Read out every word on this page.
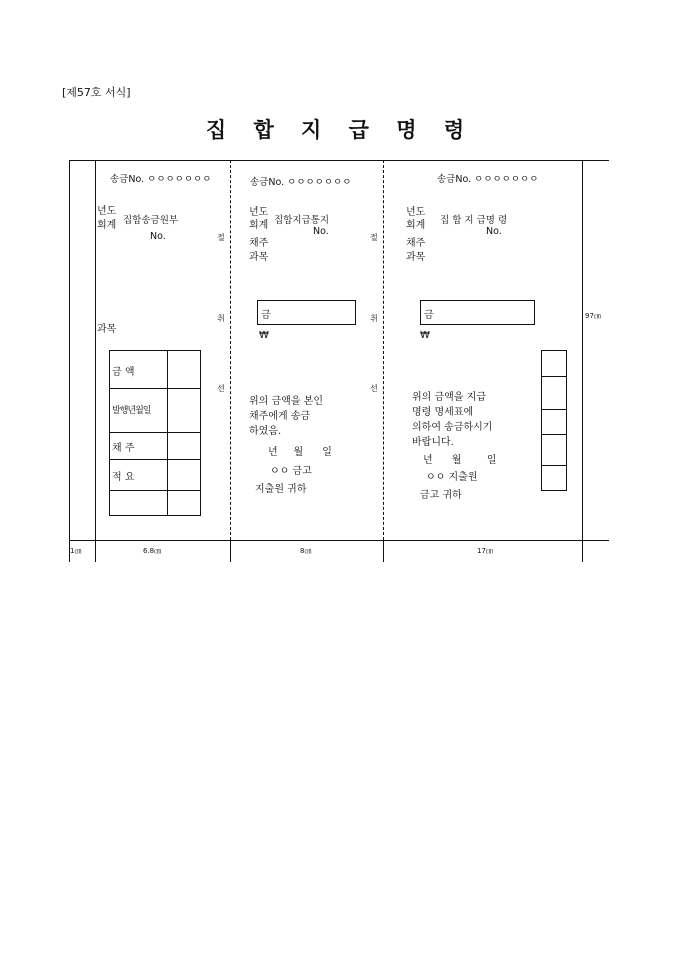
[제57호 서식]
집 합 지 급 명 령
송금No. ㅇㅇㅇㅇㅇㅇㅇ
년도
회계 집합송금원부
No.
과목
금 액
발행년월일
채 주
적 요
절
취
선
송금No. ㅇㅇㅇㅇㅇㅇㅇ
년도
회계 집합지급통지
No.
채주
과목
금
₩
위의 금액을 본인
채주에게 송금
하였음.
년     월      일
ㅇㅇ 금고
지출원 귀하
절
취
선
송금No. ㅇㅇㅇㅇㅇㅇㅇ
년도
회계 집 합 지 급명 령
No.
채주
과목
금
₩
위의 금액을 지급
명령 명세표에
의하여 송금하시기
바랍니다.
년      월        일
ㅇㅇ 지출원
금고 귀하
97㎝
1㎝	6.8㎝	8㎝	17㎝
